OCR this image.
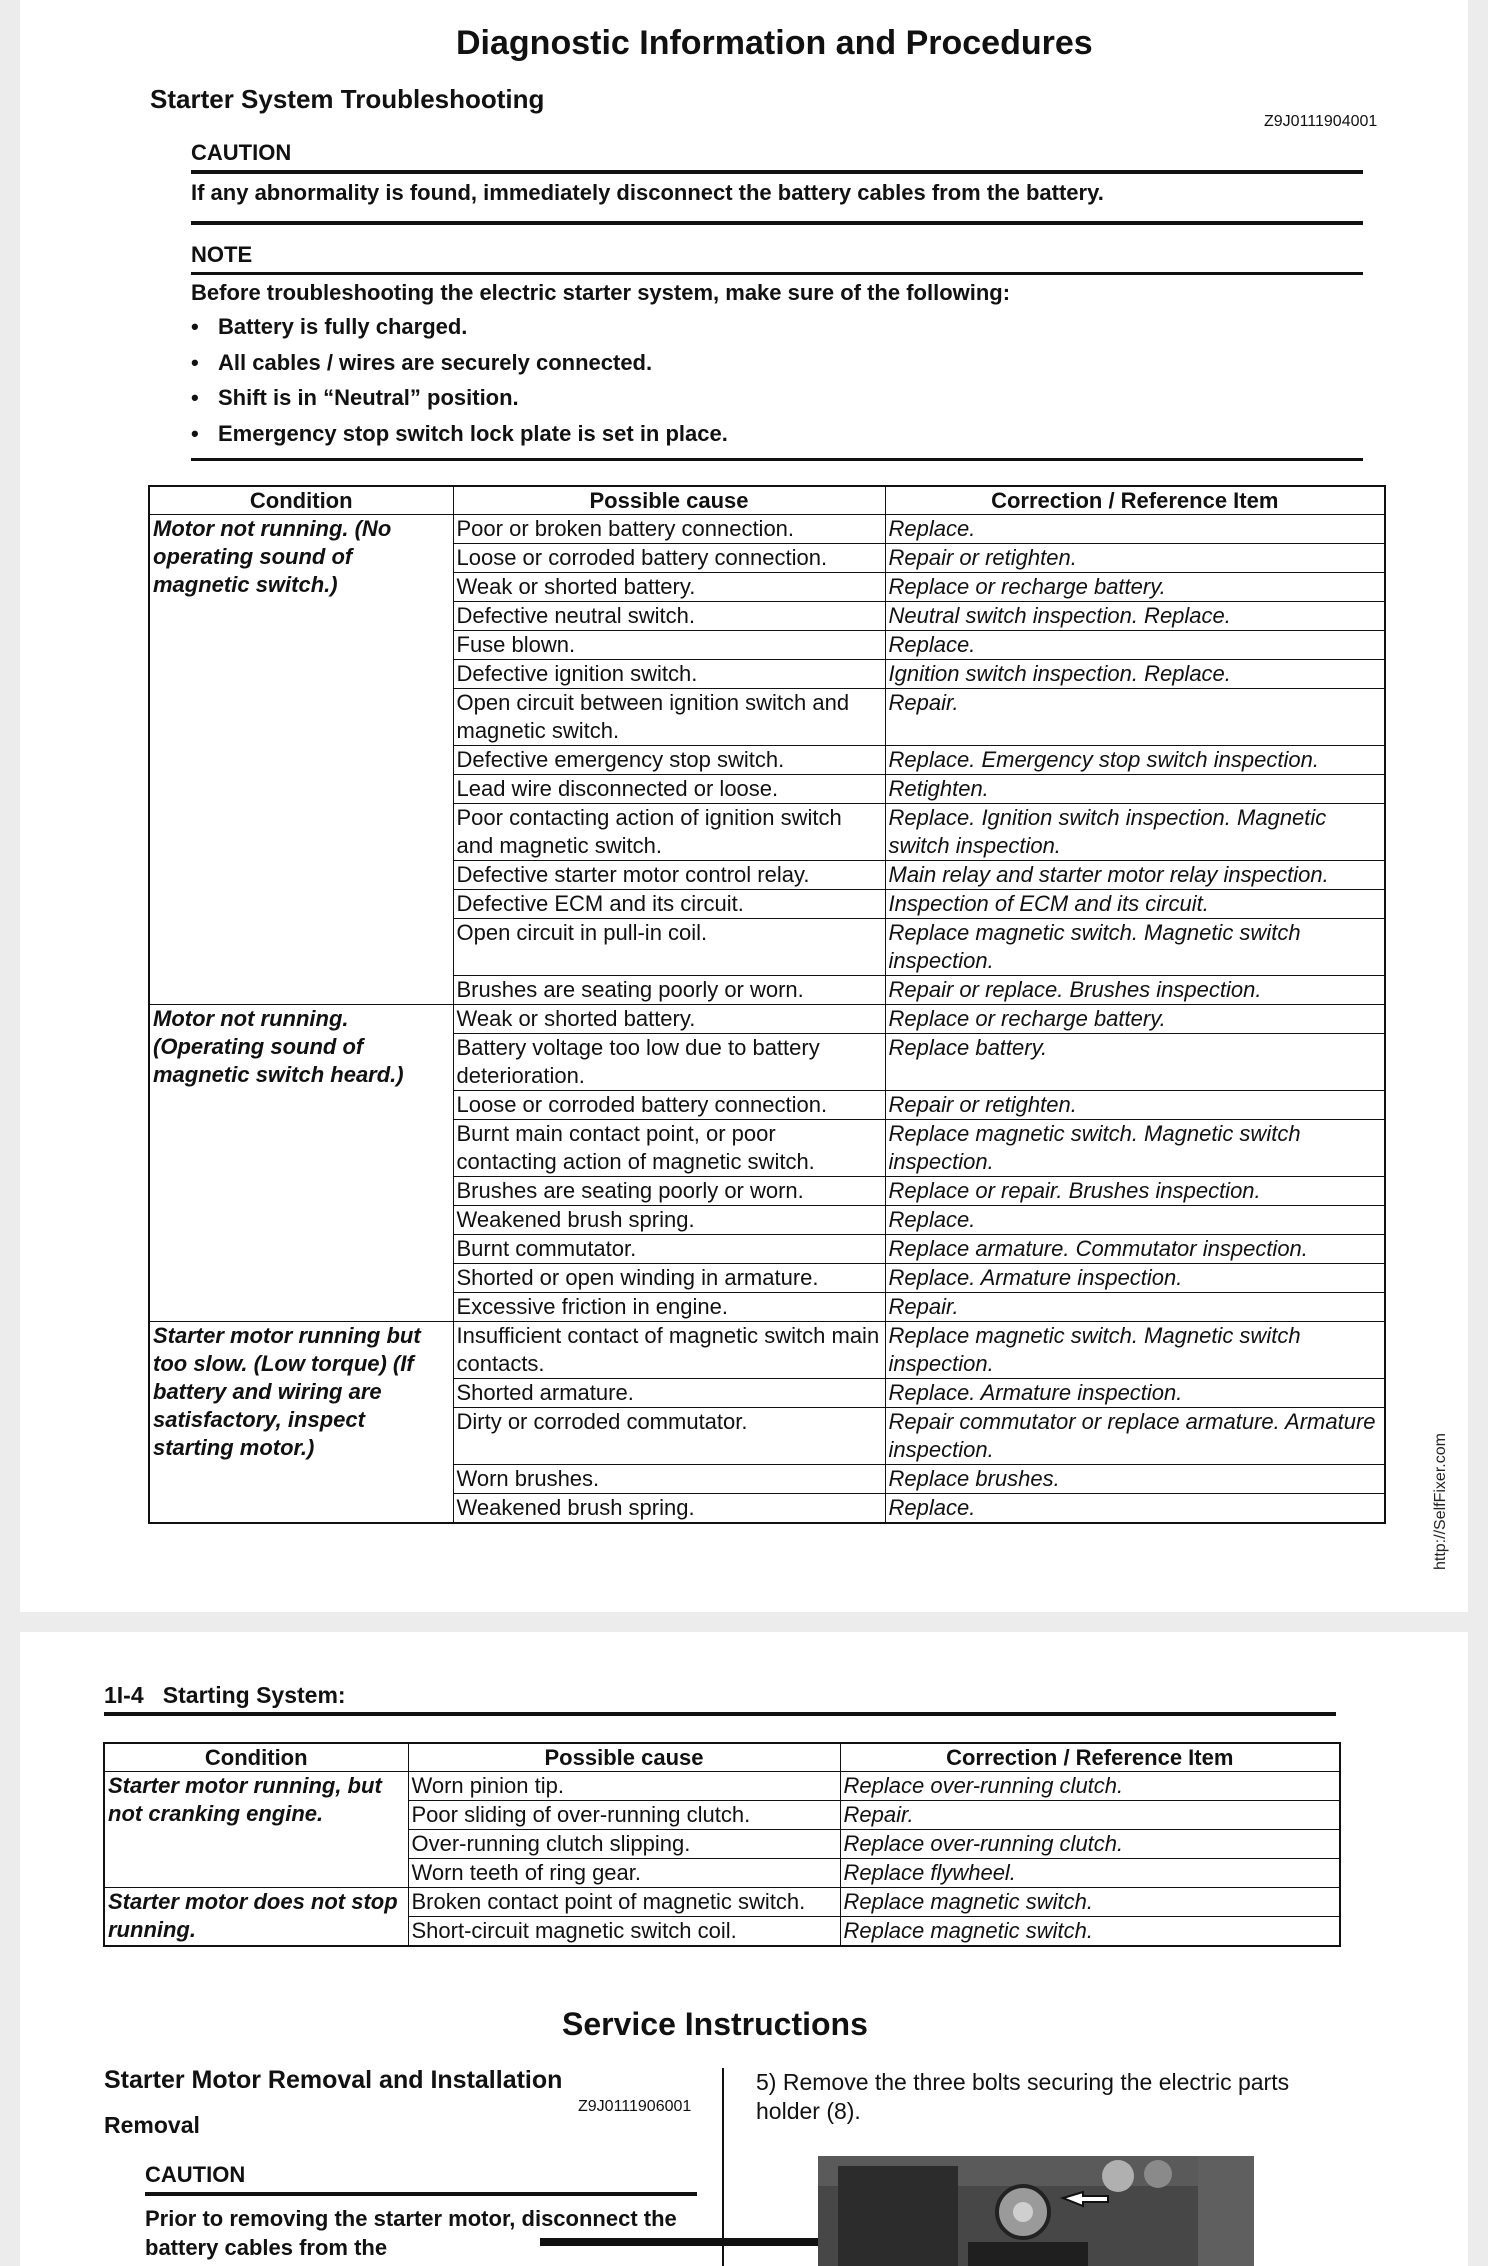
Diagnostic Information and Procedures
Starter System Troubleshooting
Z9J0111904001
CAUTION
If any abnormality is found, immediately disconnect the battery cables from the battery.
NOTE
Before troubleshooting the electric starter system, make sure of the following:
• Battery is fully charged.
• All cables / wires are securely connected.
• Shift is in “Neutral” position.
• Emergency stop switch lock plate is set in place.
Condition	Possible cause	Correction / Reference Item
Motor not running. (No operating sound of magnetic switch.)	Poor or broken battery connection.	Replace.
	Loose or corroded battery connection.	Repair or retighten.
	Weak or shorted battery.	Replace or recharge battery.
	Defective neutral switch.	Neutral switch inspection. Replace.
	Fuse blown.	Replace.
	Defective ignition switch.	Ignition switch inspection. Replace.
	Open circuit between ignition switch and magnetic switch.	Repair.
	Defective emergency stop switch.	Replace. Emergency stop switch inspection.
	Lead wire disconnected or loose.	Retighten.
	Poor contacting action of ignition switch and magnetic switch.	Replace. Ignition switch inspection. Magnetic switch inspection.
	Defective starter motor control relay.	Main relay and starter motor relay inspection.
	Defective ECM and its circuit.	Inspection of ECM and its circuit.
	Open circuit in pull-in coil.	Replace magnetic switch. Magnetic switch inspection.
	Brushes are seating poorly or worn.	Repair or replace. Brushes inspection.
Motor not running. (Operating sound of magnetic switch heard.)	Weak or shorted battery.	Replace or recharge battery.
	Battery voltage too low due to battery deterioration.	Replace battery.
	Loose or corroded battery connection.	Repair or retighten.
	Burnt main contact point, or poor contacting action of magnetic switch.	Replace magnetic switch. Magnetic switch inspection.
	Brushes are seating poorly or worn.	Replace or repair. Brushes inspection.
	Weakened brush spring.	Replace.
	Burnt commutator.	Replace armature. Commutator inspection.
	Shorted or open winding in armature.	Replace. Armature inspection.
	Excessive friction in engine.	Repair.
Starter motor running but too slow. (Low torque) (If battery and wiring are satisfactory, inspect starting motor.)	Insufficient contact of magnetic switch main contacts.	Replace magnetic switch. Magnetic switch inspection.
	Shorted armature.	Replace. Armature inspection.
	Dirty or corroded commutator.	Repair commutator or replace armature. Armature inspection.
	Worn brushes.	Replace brushes.
	Weakened brush spring.	Replace.	http://SelfFixer.com
1I-4   Starting System:
Condition	Possible cause	Correction / Reference Item
Starter motor running, but not cranking engine.	Worn pinion tip.	Replace over-running clutch.
	Poor sliding of over-running clutch.	Repair.
	Over-running clutch slipping.	Replace over-running clutch.
	Worn teeth of ring gear.	Replace flywheel.
Starter motor does not stop running.	Broken contact point of magnetic switch.	Replace magnetic switch.
	Short-circuit magnetic switch coil.	Replace magnetic switch.
Service Instructions
Starter Motor Removal and Installation
Z9J0111906001
Removal
CAUTION
Prior to removing the starter motor, disconnect the battery cables from the
5) Remove the three bolts securing the electric parts holder (8).
